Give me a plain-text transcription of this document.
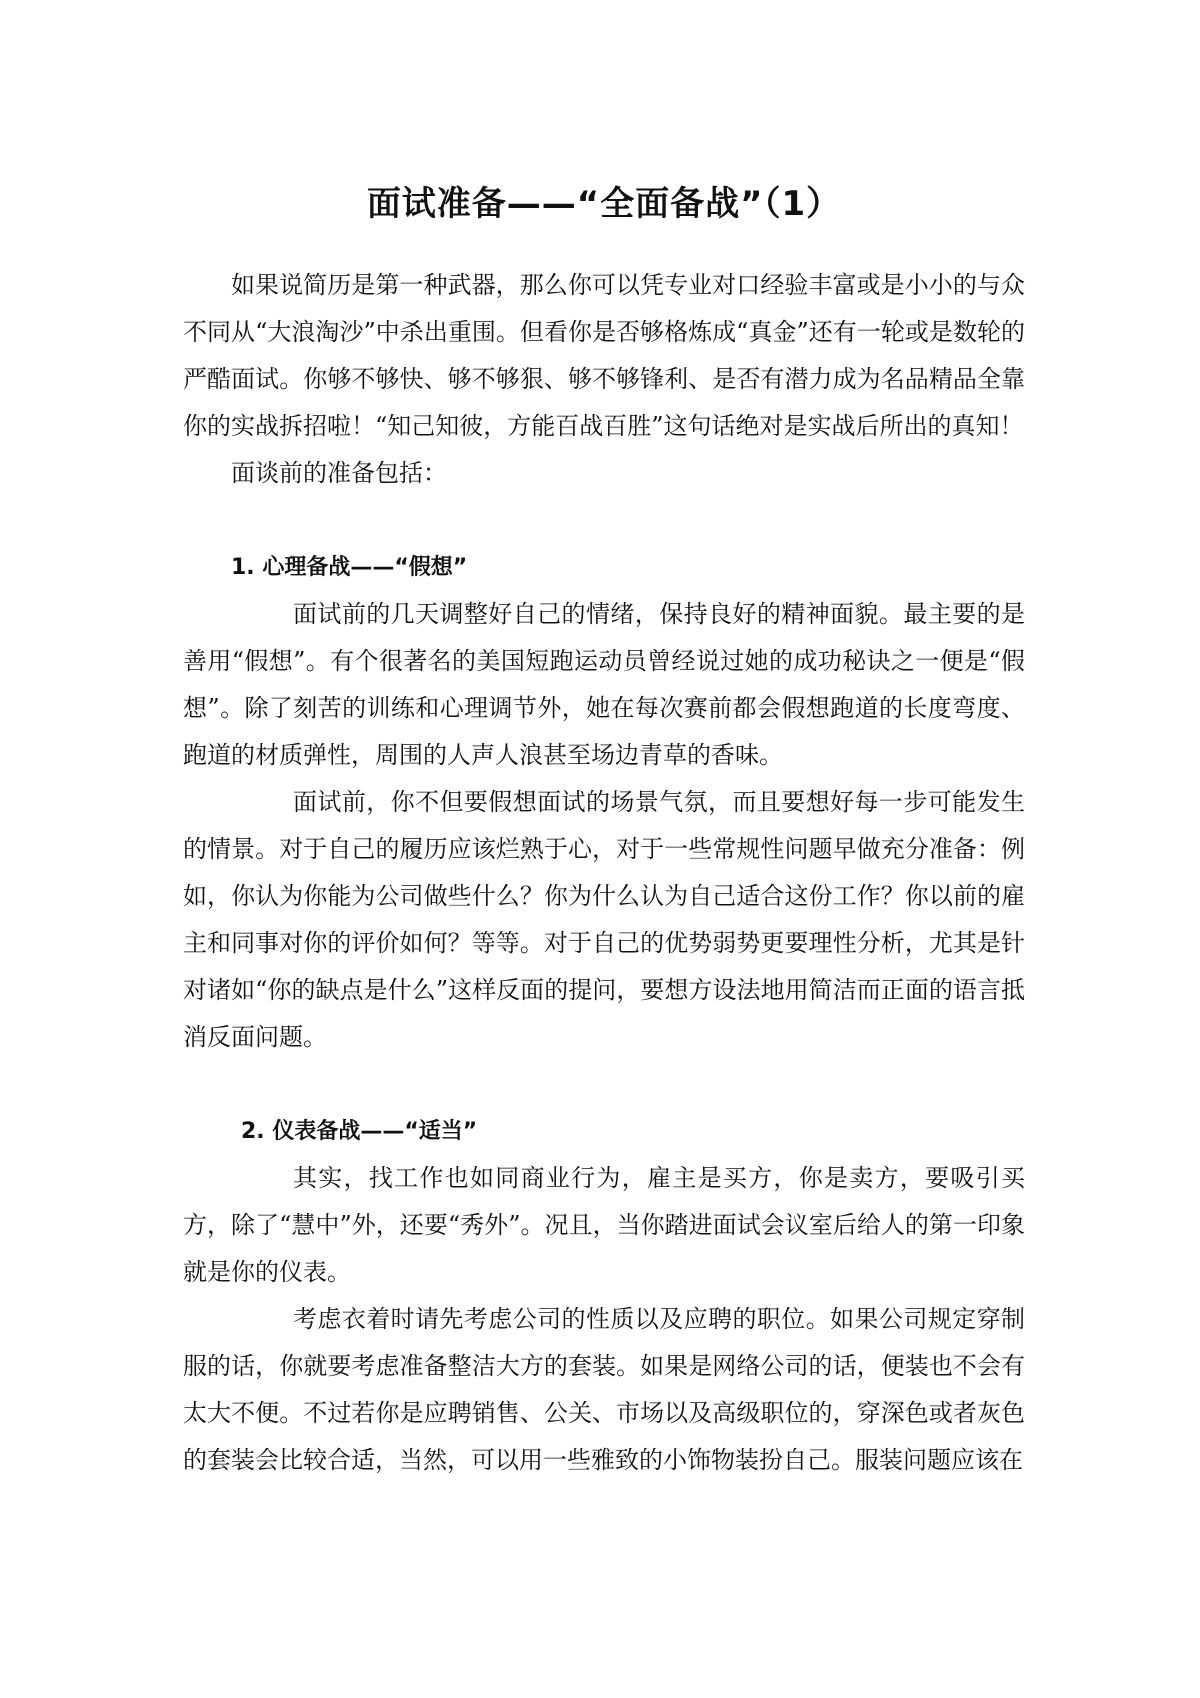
面试准备——“全面备战”（1）

如果说简历是第一种武器，那么你可以凭专业对口经验丰富或是小小的与众不同从“大浪淘沙”中杀出重围。但看你是否够格炼成“真金”还有一轮或是数轮的严酷面试。你够不够快、够不够狠、够不够锋利、是否有潜力成为名品精品全靠你的实战拆招啦！“知己知彼，方能百战百胜”这句话绝对是实战后所出的真知！

面谈前的准备包括：

1. 心理备战——“假想”

面试前的几天调整好自己的情绪，保持良好的精神面貌。最主要的是善用“假想”。有个很著名的美国短跑运动员曾经说过她的成功秘诀之一便是“假想”。除了刻苦的训练和心理调节外，她在每次赛前都会假想跑道的长度弯度、跑道的材质弹性，周围的人声人浪甚至场边青草的香味。

面试前，你不但要假想面试的场景气氛，而且要想好每一步可能发生的情景。对于自己的履历应该烂熟于心，对于一些常规性问题早做充分准备：例如，你认为你能为公司做些什么？你为什么认为自己适合这份工作？你以前的雇主和同事对你的评价如何？等等。对于自己的优势弱势更要理性分析，尤其是针对诸如“你的缺点是什么”这样反面的提问，要想方设法地用简洁而正面的语言抵消反面问题。

2. 仪表备战——“适当”

其实，找工作也如同商业行为，雇主是买方，你是卖方，要吸引买方，除了“慧中”外，还要“秀外”。况且，当你踏进面试会议室后给人的第一印象就是你的仪表。

考虑衣着时请先考虑公司的性质以及应聘的职位。如果公司规定穿制服的话，你就要考虑准备整洁大方的套装。如果是网络公司的话，便装也不会有太大不便。不过若你是应聘销售、公关、市场以及高级职位的，穿深色或者灰色的套装会比较合适，当然，可以用一些雅致的小饰物装扮自己。服装问题应该在
